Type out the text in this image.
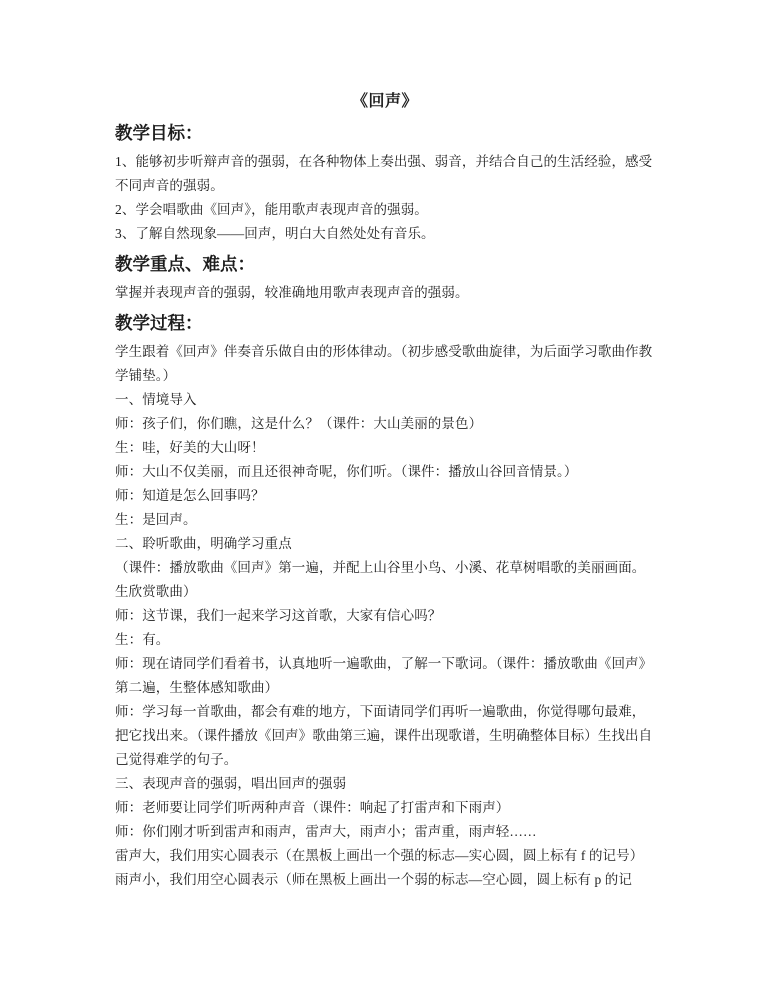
《回声》
教学目标：
1、能够初步听辩声音的强弱，在各种物体上奏出强、弱音，并结合自己的生活经验，感受
不同声音的强弱。
2、学会唱歌曲《回声》，能用歌声表现声音的强弱。
3、了解自然现象——回声，明白大自然处处有音乐。
教学重点、难点：
掌握并表现声音的强弱，较准确地用歌声表现声音的强弱。
教学过程：
学生跟着《回声》伴奏音乐做自由的形体律动。（初步感受歌曲旋律，为后面学习歌曲作教
学铺垫。）
一、情境导入
师：孩子们，你们瞧，这是什么？（课件：大山美丽的景色）
生：哇，好美的大山呀！
师：大山不仅美丽，而且还很神奇呢，你们听。（课件：播放山谷回音情景。）
师：知道是怎么回事吗？
生：是回声。
二、聆听歌曲，明确学习重点
（课件：播放歌曲《回声》第一遍，并配上山谷里小鸟、小溪、花草树唱歌的美丽画面。
生欣赏歌曲）
师：这节课，我们一起来学习这首歌，大家有信心吗？
生：有。
师：现在请同学们看着书，认真地听一遍歌曲，了解一下歌词。（课件：播放歌曲《回声》
第二遍，生整体感知歌曲）
师：学习每一首歌曲，都会有难的地方，下面请同学们再听一遍歌曲，你觉得哪句最难，
把它找出来。（课件播放《回声》歌曲第三遍，课件出现歌谱，生明确整体目标）生找出自
己觉得难学的句子。
三、表现声音的强弱，唱出回声的强弱
师：老师要让同学们听两种声音（课件：响起了打雷声和下雨声）
师：你们刚才听到雷声和雨声，雷声大，雨声小；雷声重，雨声轻……
雷声大，我们用实心圆表示（在黑板上画出一个强的标志—实心圆，圆上标有 f 的记号）
雨声小，我们用空心圆表示（师在黑板上画出一个弱的标志—空心圆，圆上标有 p 的记
